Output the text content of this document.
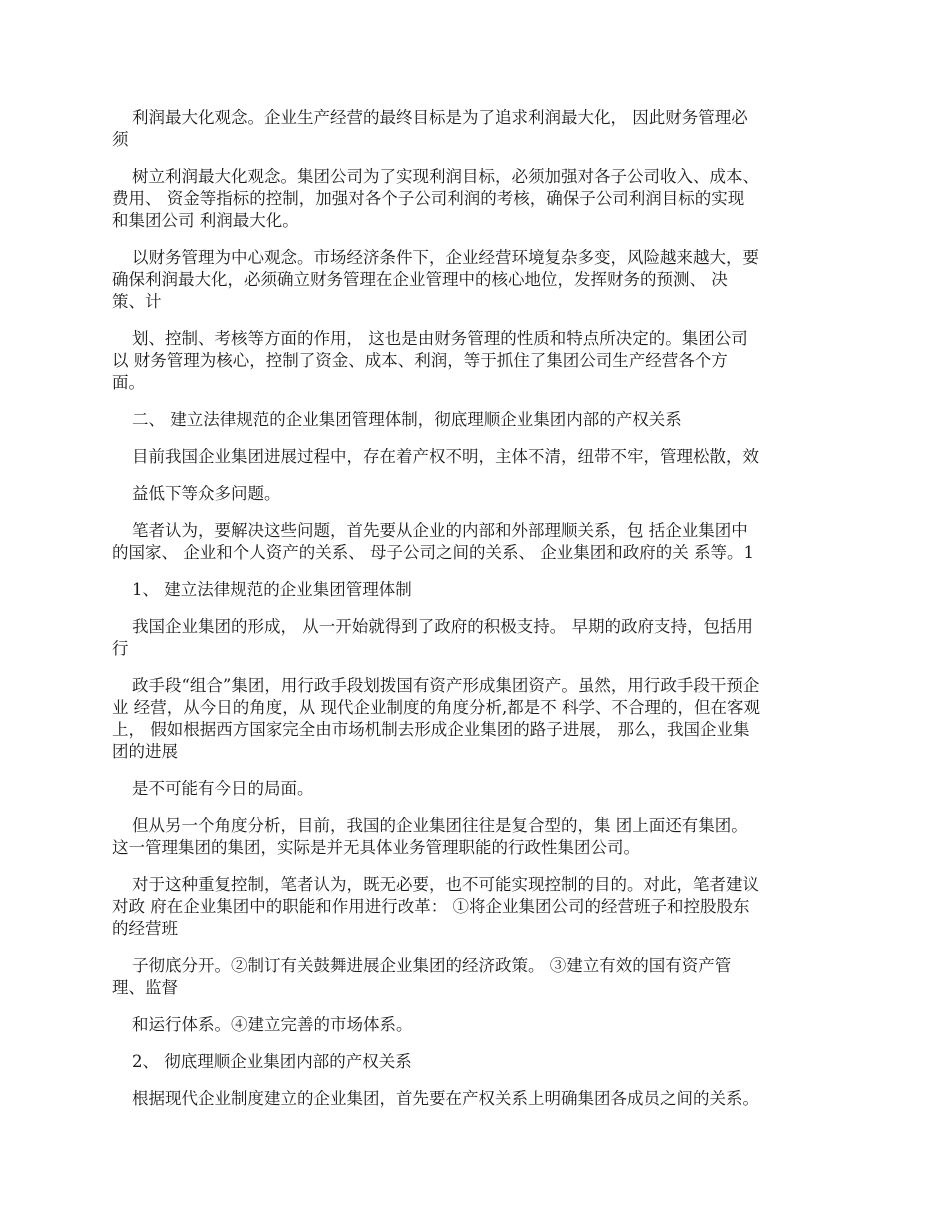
利润最大化观念。企业生产经营的最终目标是为了追求利润最大化， 因此财务管理必
须

树立利润最大化观念。集团公司为了实现利润目标，必须加强对各子公司收入、成本、
费用、 资金等指标的控制，加强对各个子公司利润的考核，确保子公司利润目标的实现
和集团公司 利润最大化。

以财务管理为中心观念。市场经济条件下，企业经营环境复杂多变，风险越来越大，要
确保利润最大化，必须确立财务管理在企业管理中的核心地位，发挥财务的预测、 决
策、计

划、控制、考核等方面的作用， 这也是由财务管理的性质和特点所决定的。集团公司
以 财务管理为核心，控制了资金、成本、利润，等于抓住了集团公司生产经营各个方
面。

二、 建立法律规范的企业集团管理体制，彻底理顺企业集团内部的产权关系

目前我国企业集团进展过程中，存在着产权不明，主体不清，纽带不牢，管理松散，效

益低下等众多问题。

笔者认为，要解决这些问题，首先要从企业的内部和外部理顺关系，包 括企业集团中
的国家、 企业和个人资产的关系、 母子公司之间的关系、 企业集团和政府的关 系等。1

1、 建立法律规范的企业集团管理体制

我国企业集团的形成， 从一开始就得到了政府的积极支持。 早期的政府支持，包括用
行

政手段“组合”集团，用行政手段划拨国有资产形成集团资产。虽然，用行政手段干预企
业 经营，从今日的角度，从 现代企业制度的角度分析,都是不 科学、不合理的，但在客观
上， 假如根据西方国家完全由市场机制去形成企业集团的路子进展， 那么，我国企业集
团的进展

是不可能有今日的局面。

但从另一个角度分析，目前，我国的企业集团往往是复合型的，集 团上面还有集团。
这一管理集团的集团，实际是并无具体业务管理职能的行政性集团公司。

对于这种重复控制，笔者认为，既无必要，也不可能实现控制的目的。对此，笔者建议
对政 府在企业集团中的职能和作用进行改革： ①将企业集团公司的经营班子和控股股东
的经营班

子彻底分开。②制订有关鼓舞进展企业集团的经济政策。 ③建立有效的国有资产管
理、监督

和运行体系。④建立完善的市场体系。

2、 彻底理顺企业集团内部的产权关系

根据现代企业制度建立的企业集团，首先要在产权关系上明确集团各成员之间的关系。
